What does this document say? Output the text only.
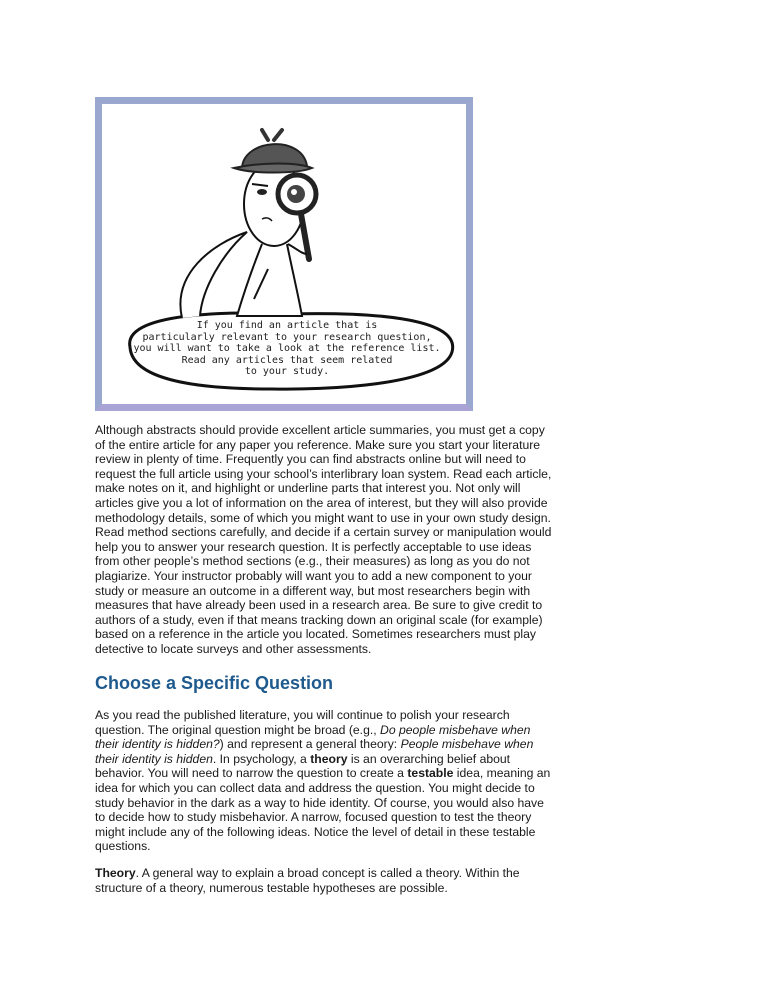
If you find an article that is
particularly relevant to your research question,
you will want to take a look at the reference list.
Read any articles that seem related
to your study.
Although abstracts should provide excellent article summaries, you must get a copy
of the entire article for any paper you reference. Make sure you start your literature
review in plenty of time. Frequently you can find abstracts online but will need to
request the full article using your school’s interlibrary loan system. Read each article,
make notes on it, and highlight or underline parts that interest you. Not only will
articles give you a lot of information on the area of interest, but they will also provide
methodology details, some of which you might want to use in your own study design.
Read method sections carefully, and decide if a certain survey or manipulation would
help you to answer your research question. It is perfectly acceptable to use ideas
from other people’s method sections (e.g., their measures) as long as you do not
plagiarize. Your instructor probably will want you to add a new component to your
study or measure an outcome in a different way, but most researchers begin with
measures that have already been used in a research area. Be sure to give credit to
authors of a study, even if that means tracking down an original scale (for example)
based on a reference in the article you located. Sometimes researchers must play
detective to locate surveys and other assessments.
Choose a Specific Question
As you read the published literature, you will continue to polish your research
question. The original question might be broad (e.g., Do people misbehave when
their identity is hidden?) and represent a general theory: People misbehave when
their identity is hidden. In psychology, a theory is an overarching belief about
behavior. You will need to narrow the question to create a testable idea, meaning an
idea for which you can collect data and address the question. You might decide to
study behavior in the dark as a way to hide identity. Of course, you would also have
to decide how to study misbehavior. A narrow, focused question to test the theory
might include any of the following ideas. Notice the level of detail in these testable
questions.
Theory. A general way to explain a broad concept is called a theory. Within the
structure of a theory, numerous testable hypotheses are possible.
